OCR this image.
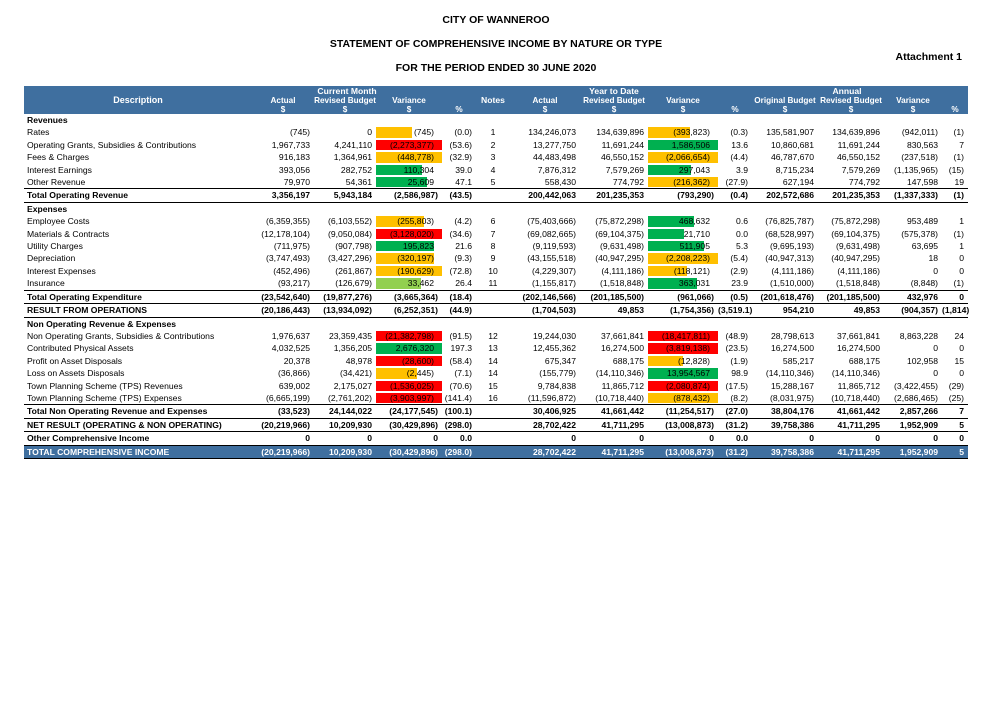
CITY OF WANNEROO
STATEMENT OF COMPREHENSIVE INCOME BY NATURE OR TYPE
FOR THE PERIOD ENDED 30 JUNE 2020
Attachment 1
Description	Current Month				Notes	Year to Date				Annual			
	Actual	Revised Budget	Variance			Actual	Revised Budget	Variance		Original Budget	Revised Budget	Variance	
	$	$	$	%		$	$	$	%	$	$	$	%
Revenues													
Rates	(745)	0	(745)	(0.0)	1	134,246,073	134,639,896	(393,823)	(0.3)	135,581,907	134,639,896	(942,011)	(1)
Operating Grants, Subsidies & Contributions	1,967,733	4,241,110	(2,273,377)	(53.6)	2	13,277,750	11,691,244	1,586,506	13.6	10,860,681	11,691,244	830,563	7
Fees & Charges	916,183	1,364,961	(448,778)	(32.9)	3	44,483,498	46,550,152	(2,066,654)	(4.4)	46,787,670	46,550,152	(237,518)	(1)
Interest Earnings	393,056	282,752	110,304	39.0	4	7,876,312	7,579,269	297,043	3.9	8,715,234	7,579,269	(1,135,965)	(15)
Other Revenue	79,970	54,361	25,609	47.1	5	558,430	774,792	(216,362)	(27.9)	627,194	774,792	147,598	19
Total Operating Revenue	3,356,197	5,943,184	(2,586,987)	(43.5)		200,442,063	201,235,353	(793,290)	(0.4)	202,572,686	201,235,353	(1,337,333)	(1)
Expenses													
Employee Costs	(6,359,355)	(6,103,552)	(255,803)	(4.2)	6	(75,403,666)	(75,872,298)	468,632	0.6	(76,825,787)	(75,872,298)	953,489	1
Materials & Contracts	(12,178,104)	(9,050,084)	(3,128,020)	(34.6)	7	(69,082,665)	(69,104,375)	21,710	0.0	(68,528,997)	(69,104,375)	(575,378)	(1)
Utility Charges	(711,975)	(907,798)	195,823	21.6	8	(9,119,593)	(9,631,498)	511,905	5.3	(9,695,193)	(9,631,498)	63,695	1
Depreciation	(3,747,493)	(3,427,296)	(320,197)	(9.3)	9	(43,155,518)	(40,947,295)	(2,208,223)	(5.4)	(40,947,313)	(40,947,295)	18	0
Interest Expenses	(452,496)	(261,867)	(190,629)	(72.8)	10	(4,229,307)	(4,111,186)	(118,121)	(2.9)	(4,111,186)	(4,111,186)	0	0
Insurance	(93,217)	(126,679)	33,462	26.4	11	(1,155,817)	(1,518,848)	363,031	23.9	(1,510,000)	(1,518,848)	(8,848)	(1)
Total Operating Expenditure	(23,542,640)	(19,877,276)	(3,665,364)	(18.4)		(202,146,566)	(201,185,500)	(961,066)	(0.5)	(201,618,476)	(201,185,500)	432,976	0
RESULT FROM OPERATIONS	(20,186,443)	(13,934,092)	(6,252,351)	(44.9)		(1,704,503)	49,853	(1,754,356)	(3,519.1)	954,210	49,853	(904,357)	(1,814)
Non Operating Revenue & Expenses													
Non Operating Grants, Subsidies & Contributions	1,976,637	23,359,435	(21,382,798)	(91.5)	12	19,244,030	37,661,841	(18,417,811)	(48.9)	28,798,613	37,661,841	8,863,228	24
Contributed Physical Assets	4,032,525	1,356,205	2,676,320	197.3	13	12,455,362	16,274,500	(3,819,138)	(23.5)	16,274,500	16,274,500	0	0
Profit on Asset Disposals	20,378	48,978	(28,600)	(58.4)	14	675,347	688,175	(12,828)	(1.9)	585,217	688,175	102,958	15
Loss on Assets Disposals	(36,866)	(34,421)	(2,445)	(7.1)	14	(155,779)	(14,110,346)	13,954,567	98.9	(14,110,346)	(14,110,346)	0	0
Town Planning Scheme (TPS) Revenues	639,002	2,175,027	(1,536,025)	(70.6)	15	9,784,838	11,865,712	(2,080,874)	(17.5)	15,288,167	11,865,712	(3,422,455)	(29)
Town Planning Scheme (TPS) Expenses	(6,665,199)	(2,761,202)	(3,903,997)	(141.4)	16	(11,596,872)	(10,718,440)	(878,432)	(8.2)	(8,031,975)	(10,718,440)	(2,686,465)	(25)
Total Non Operating Revenue and Expenses	(33,523)	24,144,022	(24,177,545)	(100.1)		30,406,925	41,661,442	(11,254,517)	(27.0)	38,804,176	41,661,442	2,857,266	7
NET RESULT (OPERATING & NON OPERATING)	(20,219,966)	10,209,930	(30,429,896)	(298.0)		28,702,422	41,711,295	(13,008,873)	(31.2)	39,758,386	41,711,295	1,952,909	5
Other Comprehensive Income	0	0	0	0.0		0	0	0	0.0	0	0	0	0
TOTAL COMPREHENSIVE INCOME	(20,219,966)	10,209,930	(30,429,896)	(298.0)		28,702,422	41,711,295	(13,008,873)	(31.2)	39,758,386	41,711,295	1,952,909	5
